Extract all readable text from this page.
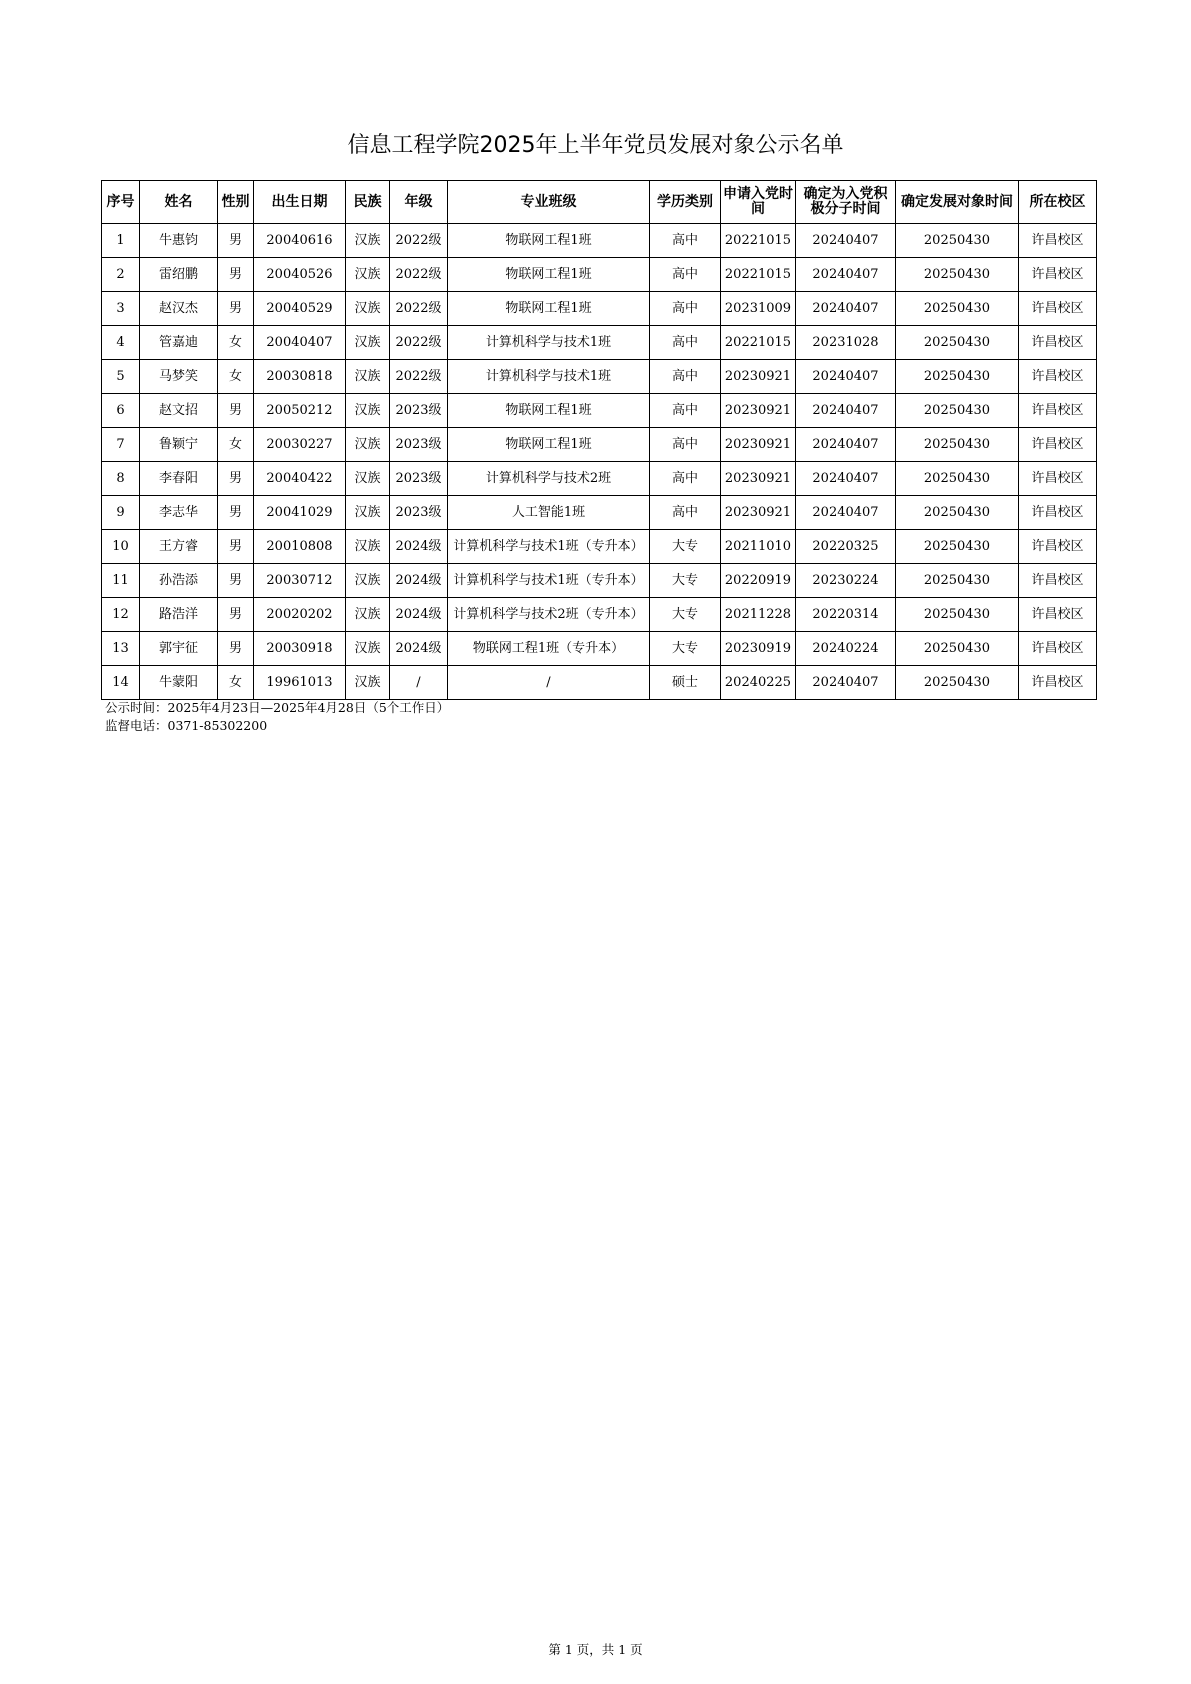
信息工程学院2025年上半年党员发展对象公示名单
序号	姓名	性别	出生日期	民族	年级	专业班级	学历类别	申请入党时间	确定为入党积极分子时间	确定发展对象时间	所在校区
1	牛惠钧	男	20040616	汉族	2022级	物联网工程1班	高中	20221015	20240407	20250430	许昌校区
2	雷绍鹏	男	20040526	汉族	2022级	物联网工程1班	高中	20221015	20240407	20250430	许昌校区
3	赵汉杰	男	20040529	汉族	2022级	物联网工程1班	高中	20231009	20240407	20250430	许昌校区
4	管嘉迪	女	20040407	汉族	2022级	计算机科学与技术1班	高中	20221015	20231028	20250430	许昌校区
5	马梦笑	女	20030818	汉族	2022级	计算机科学与技术1班	高中	20230921	20240407	20250430	许昌校区
6	赵文招	男	20050212	汉族	2023级	物联网工程1班	高中	20230921	20240407	20250430	许昌校区
7	鲁颖宁	女	20030227	汉族	2023级	物联网工程1班	高中	20230921	20240407	20250430	许昌校区
8	李春阳	男	20040422	汉族	2023级	计算机科学与技术2班	高中	20230921	20240407	20250430	许昌校区
9	李志华	男	20041029	汉族	2023级	人工智能1班	高中	20230921	20240407	20250430	许昌校区
10	王方睿	男	20010808	汉族	2024级	计算机科学与技术1班（专升本）	大专	20211010	20220325	20250430	许昌校区
11	孙浩添	男	20030712	汉族	2024级	计算机科学与技术1班（专升本）	大专	20220919	20230224	20250430	许昌校区
12	路浩洋	男	20020202	汉族	2024级	计算机科学与技术2班（专升本）	大专	20211228	20220314	20250430	许昌校区
13	郭宇征	男	20030918	汉族	2024级	物联网工程1班（专升本）	大专	20230919	20240224	20250430	许昌校区
14	牛蒙阳	女	19961013	汉族	/	/	硕士	20240225	20240407	20250430	许昌校区
公示时间：2025年4月23日—2025年4月28日（5个工作日）
监督电话：0371-85302200
第 1 页，共 1 页
